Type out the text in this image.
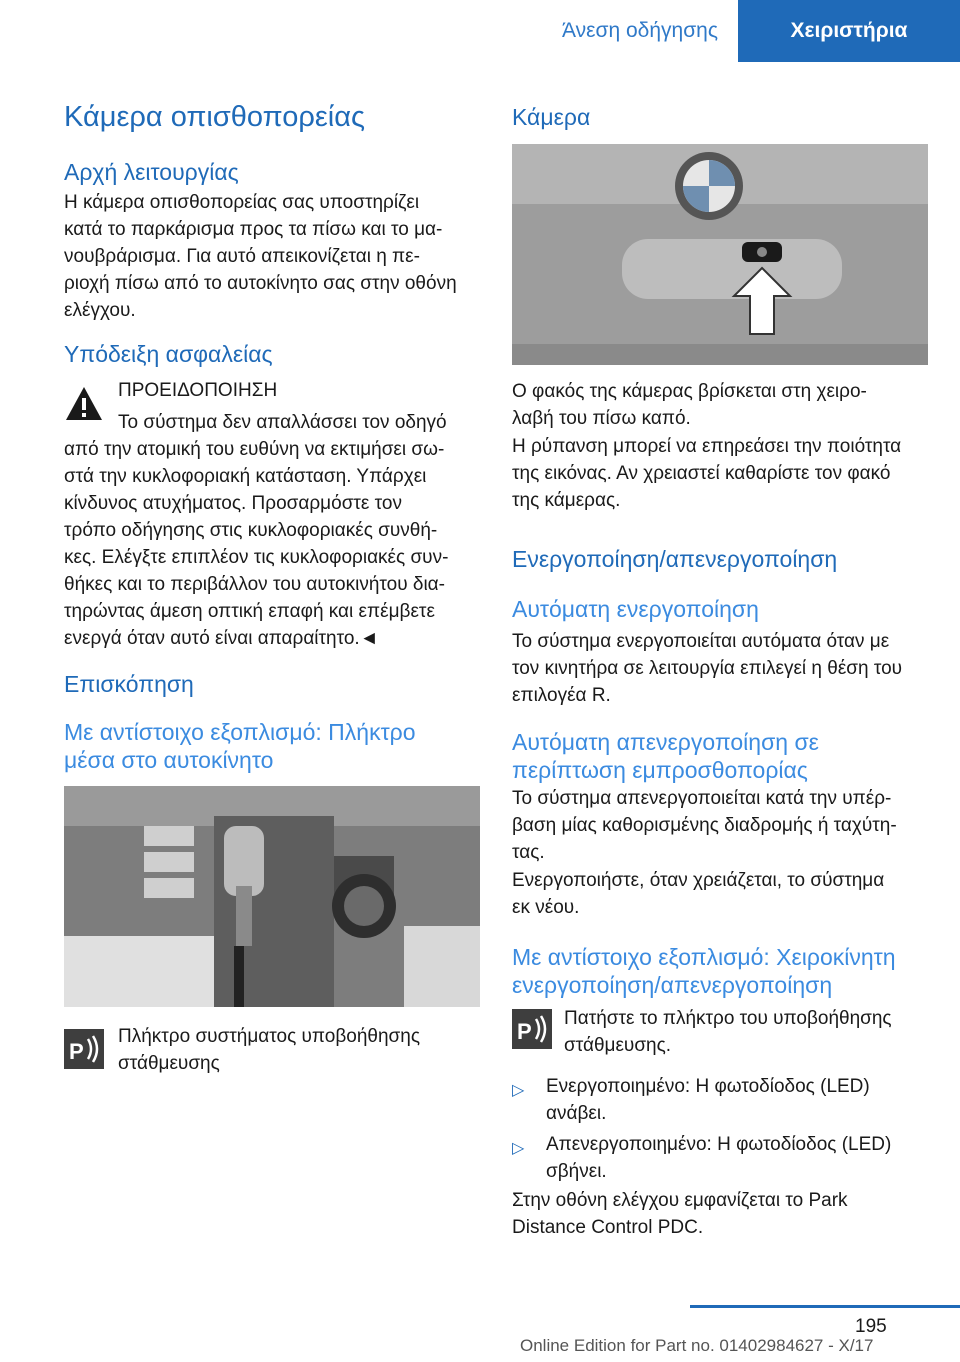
Άνεση οδήγησης	Χειριστήρια
Κάμερα οπισθοπορείας
Αρχή λειτουργίας
Η κάμερα οπισθοπορείας σας υποστηρίζει
κατά το παρκάρισμα προς τα πίσω και το μα-
νουβράρισμα. Για αυτό απεικονίζεται η πε-
ριοχή πίσω από το αυτοκίνητο σας στην οθόνη
ελέγχου.
Υπόδειξη ασφαλείας
ΠΡΟΕΙΔΟΠΟΙΗΣΗ
Το σύστημα δεν απαλλάσσει τον οδηγό
από την ατομική του ευθύνη να εκτιμήσει σω-
στά την κυκλοφοριακή κατάσταση. Υπάρχει
κίνδυνος ατυχήματος. Προσαρμόστε τον
τρόπο οδήγησης στις κυκλοφοριακές συνθή-
κες. Ελέγξτε επιπλέον τις κυκλοφοριακές συν-
θήκες και το περιβάλλον του αυτοκινήτου δια-
τηρώντας άμεση οπτική επαφή και επέμβετε
ενεργά όταν αυτό είναι απαραίτητο.◄
Επισκόπηση
Με αντίστοιχο εξοπλισμό: Πλήκτρο
μέσα στο αυτοκίνητο
P
Πλήκτρο συστήματος υποβοήθησης
στάθμευσης
Κάμερα
Ο φακός της κάμερας βρίσκεται στη χειρο-
λαβή του πίσω καπό.
Η ρύπανση μπορεί να επηρεάσει την ποιότητα
της εικόνας. Αν χρειαστεί καθαρίστε τον φακό
της κάμερας.
Ενεργοποίηση/απενεργοποίηση
Αυτόματη ενεργοποίηση
Το σύστημα ενεργοποιείται αυτόματα όταν με
τον κινητήρα σε λειτουργία επιλεγεί η θέση του
επιλογέα R.
Αυτόματη απενεργοποίηση σε
περίπτωση εμπροσθοπορίας
Το σύστημα απενεργοποιείται κατά την υπέρ-
βαση μίας καθορισμένης διαδρομής ή ταχύτη-
τας.
Ενεργοποιήστε, όταν χρειάζεται, το σύστημα
εκ νέου.
Με αντίστοιχο εξοπλισμό: Χειροκίνητη
ενεργοποίηση/απενεργοποίηση
P
Πατήστε το πλήκτρο του υποβοήθησης
στάθμευσης.
▷	Ενεργοποιημένο: Η φωτοδίοδος (LED)
ανάβει.
▷	Απενεργοποιημένο: Η φωτοδίοδος (LED)
σβήνει.
Στην οθόνη ελέγχου εμφανίζεται το Park
Distance Control PDC.
195
Online Edition for Part no. 01402984627 - X/17
